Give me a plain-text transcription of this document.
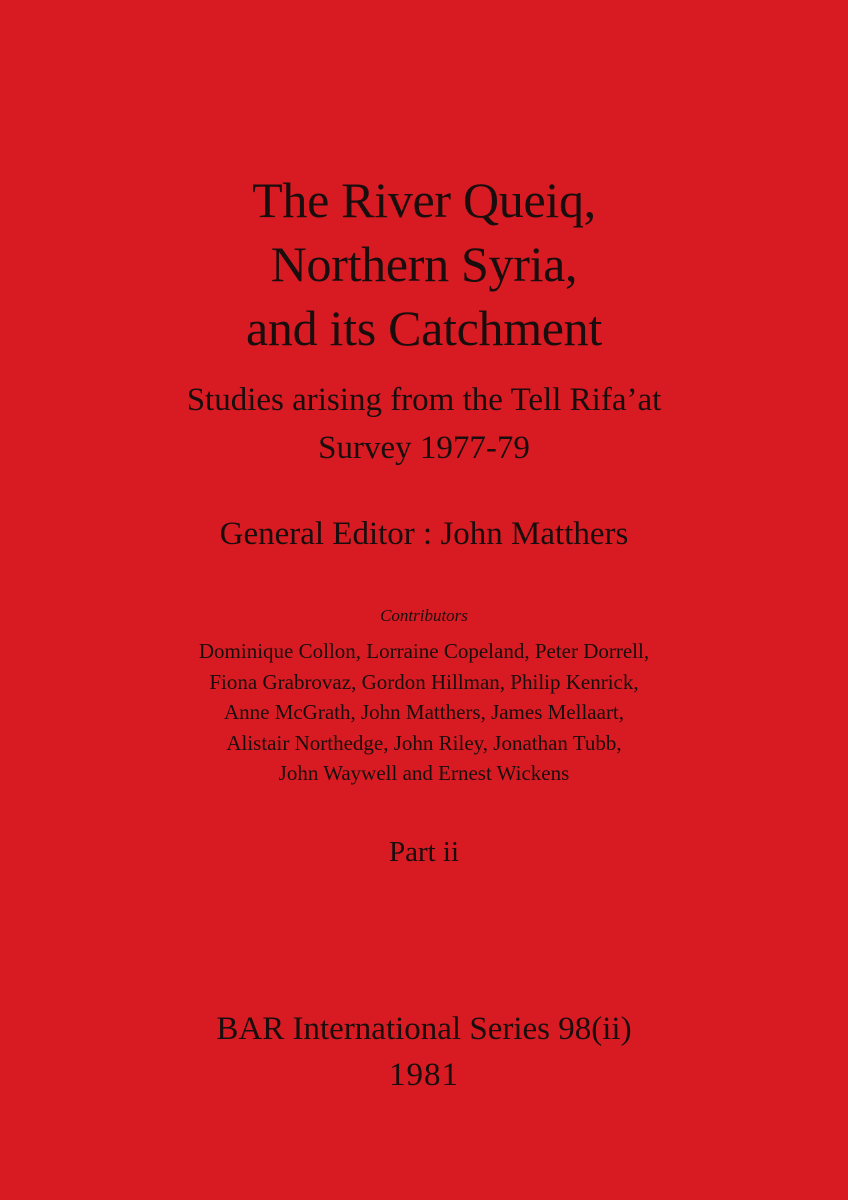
The River Queiq,
Northern Syria,
and its Catchment
Studies arising from the Tell Rifa’at
Survey 1977-79
General Editor : John Matthers
Contributors
Dominique Collon, Lorraine Copeland, Peter Dorrell,
Fiona Grabrovaz, Gordon Hillman, Philip Kenrick,
Anne McGrath, John Matthers, James Mellaart,
Alistair Northedge, John Riley, Jonathan Tubb,
John Waywell and Ernest Wickens
Part ii
BAR International Series 98(ii)
1981
